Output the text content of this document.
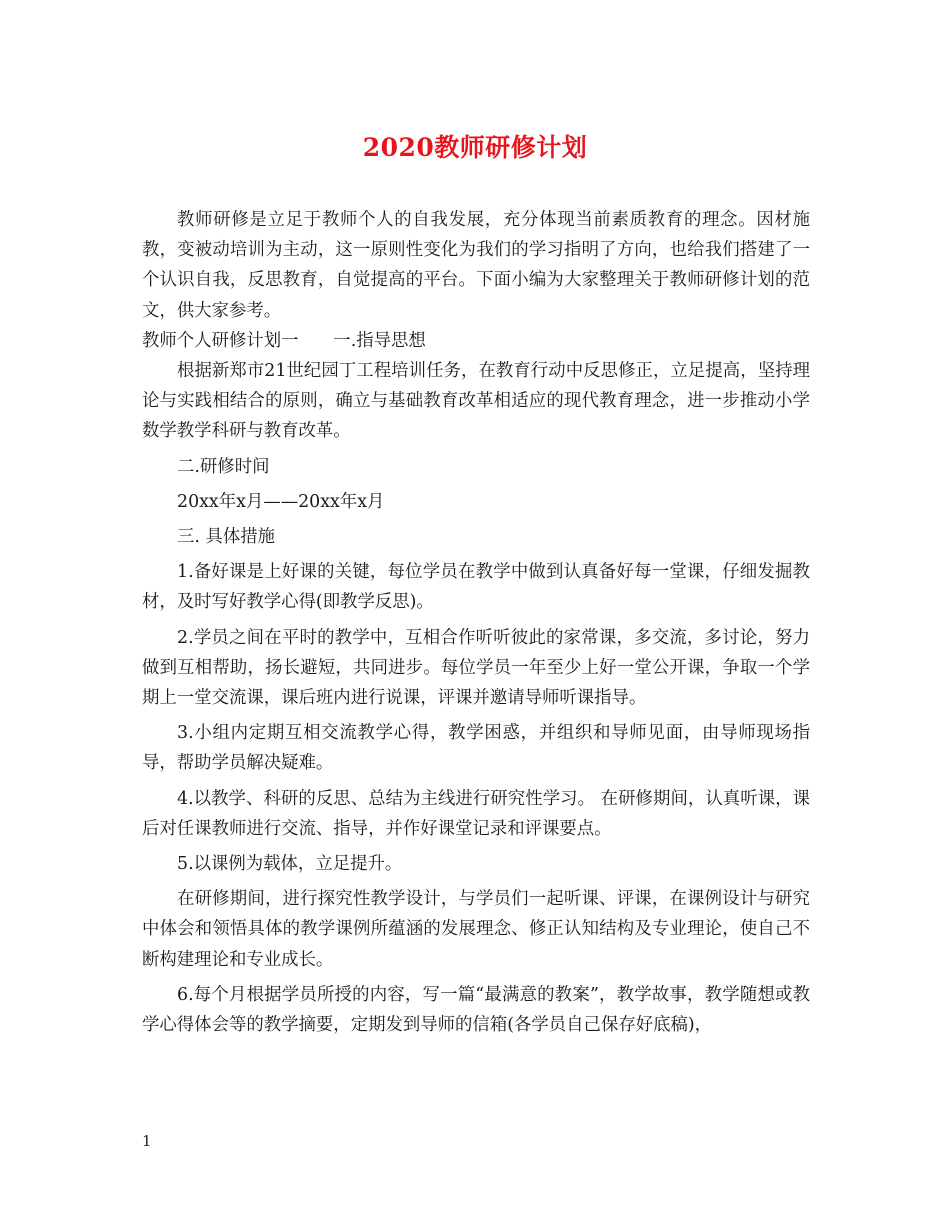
2020教师研修计划

教师研修是立足于教师个人的自我发展，充分体现当前素质教育的理念。因材施教，变被动培训为主动，这一原则性变化为我们的学习指明了方向，也给我们搭建了一个认识自我，反思教育，自觉提高的平台。下面小编为大家整理关于教师研修计划的范文，供大家参考。

教师个人研修计划一　　一.指导思想

根据新郑市21世纪园丁工程培训任务，在教育行动中反思修正，立足提高，坚持理论与实践相结合的原则，确立与基础教育改革相适应的现代教育理念，进一步推动小学数学教学科研与教育改革。

二.研修时间

20xx年x月——20xx年x月

三. 具体措施

1.备好课是上好课的关键，每位学员在教学中做到认真备好每一堂课，仔细发掘教材，及时写好教学心得(即教学反思)。

2.学员之间在平时的教学中，互相合作听听彼此的家常课，多交流，多讨论，努力做到互相帮助，扬长避短，共同进步。每位学员一年至少上好一堂公开课，争取一个学期上一堂交流课，课后班内进行说课，评课并邀请导师听课指导。

3.小组内定期互相交流教学心得，教学困惑，并组织和导师见面，由导师现场指导，帮助学员解决疑难。

4.以教学、科研的反思、总结为主线进行研究性学习。 在研修期间，认真听课，课后对任课教师进行交流、指导，并作好课堂记录和评课要点。

5.以课例为载体，立足提升。

在研修期间，进行探究性教学设计，与学员们一起听课、评课，在课例设计与研究中体会和领悟具体的教学课例所蕴涵的发展理念、修正认知结构及专业理论，使自己不断构建理论和专业成长。

6.每个月根据学员所授的内容，写一篇“最满意的教案”，教学故事，教学随想或教学心得体会等的教学摘要，定期发到导师的信箱(各学员自己保存好底稿)，

1
